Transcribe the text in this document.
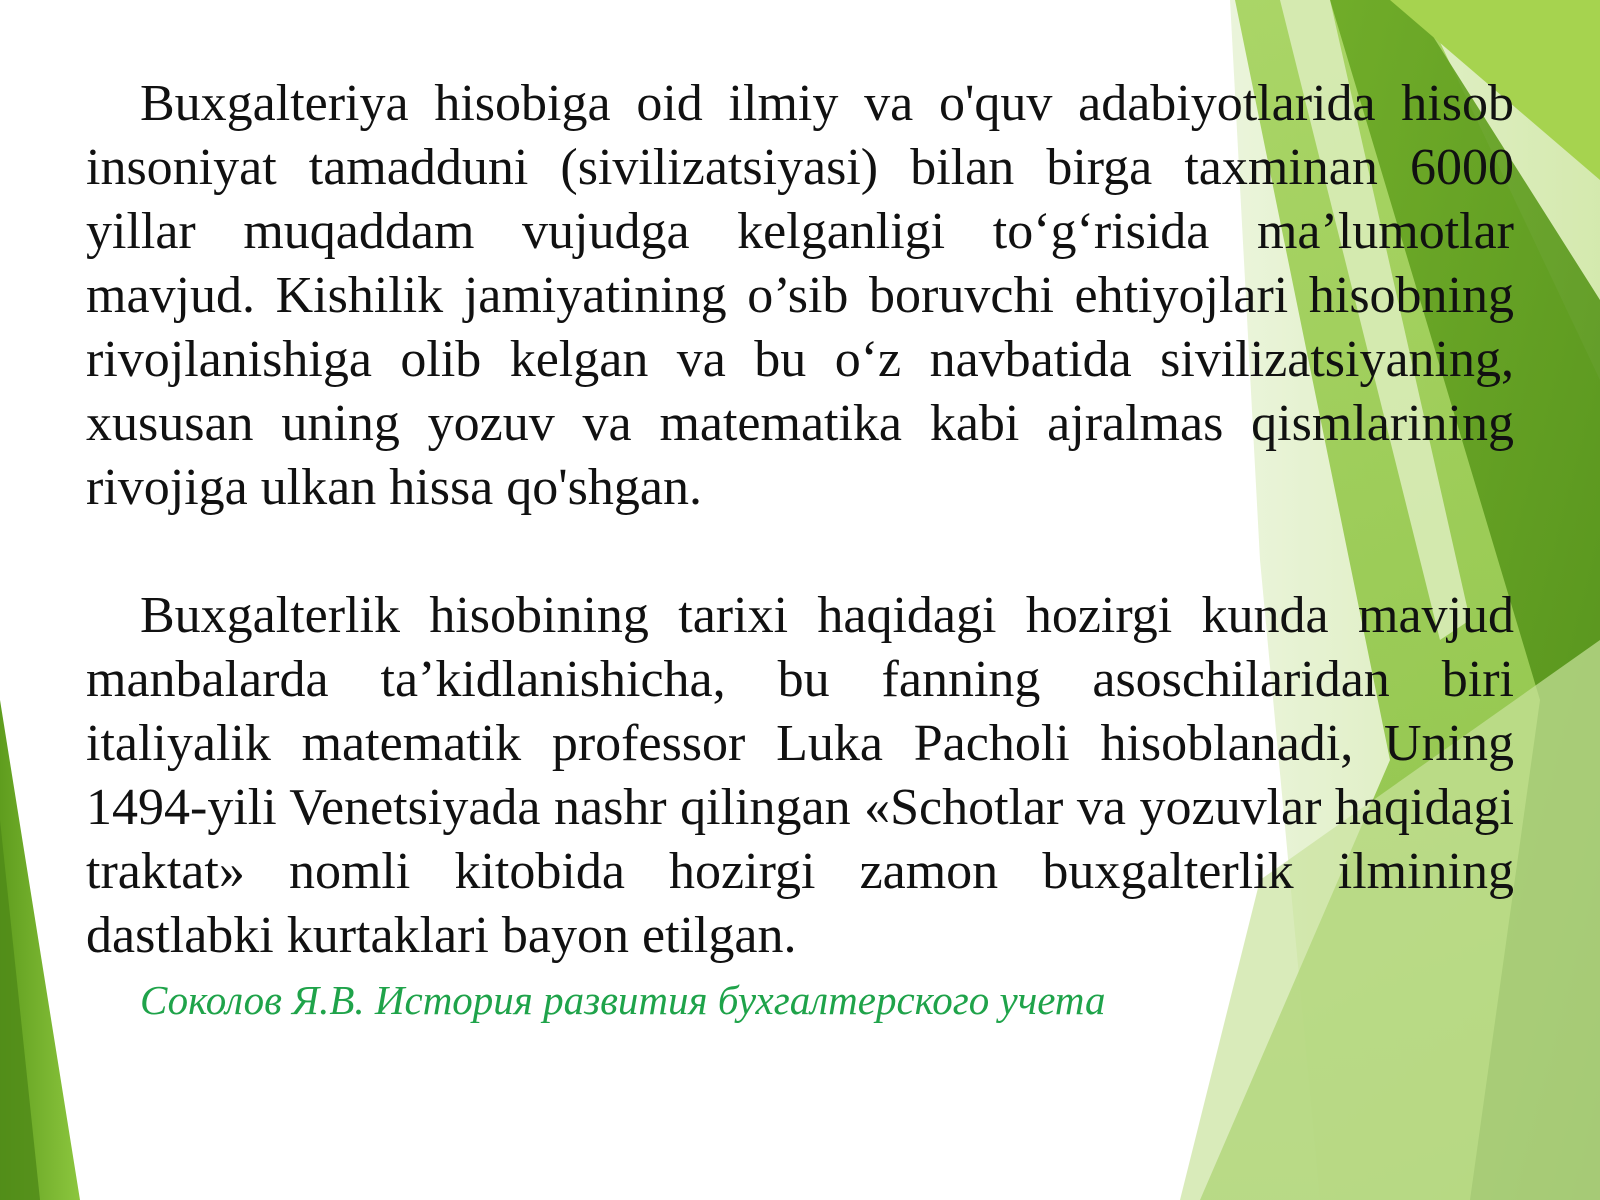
Buxgalteriya hisobiga oid ilmiy va o'quv adabiyotlarida hisob insoniyat tamadduni (sivilizatsiyasi) bilan birga taxminan 6000 yillar muqaddam vujudga kelganligi to‘g‘risida ma’lumotlar mavjud. Kishilik jamiyatining o’sib boruvchi ehtiyojlari hisobning rivojlanishiga olib kelgan va bu o‘z navbatida sivilizatsiyaning, xususan uning yozuv va matematika kabi ajralmas qismlarining rivojiga ulkan hissa qo'shgan.

Buxgalterlik hisobining tarixi haqidagi hozirgi kunda mavjud manbalarda ta’kidlanishicha, bu fanning asoschilaridan biri italiyalik matematik professor Luka Pacholi hisoblanadi, Uning 1494-yili Venetsiyada nashr qilingan «Schotlar va yozuvlar haqidagi traktat» nomli kitobida hozirgi zamon buxgalterlik ilmining dastlabki kurtaklari bayon etilgan.

Соколов Я.В. История развития бухгалтерского учета
